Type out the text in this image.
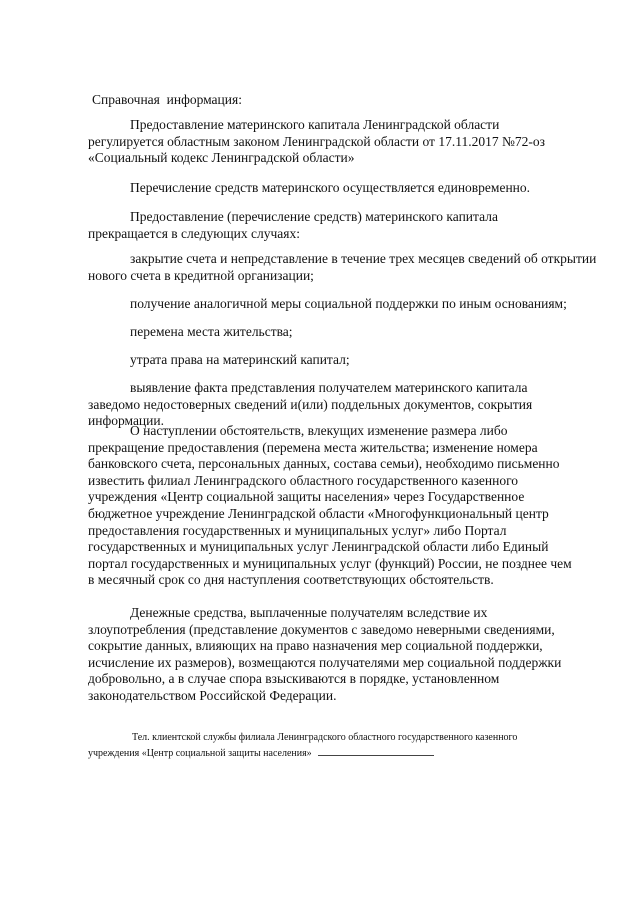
Справочная  информация:

Предоставление материнского капитала Ленинградской области регулируется областным законом Ленинградской области от 17.11.2017 №72-оз «Социальный кодекс Ленинградской области»

Перечисление средств материнского осуществляется единовременно.

Предоставление (перечисление средств) материнского капитала прекращается в следующих случаях:

закрытие счета и непредставление в течение трех месяцев сведений об открытии

нового счета в кредитной организации;

получение аналогичной меры социальной поддержки по иным основаниям;

перемена места жительства;

утрата права на материнский капитал;

выявление факта представления получателем материнского капитала заведомо недостоверных сведений и(или) поддельных документов, сокрытия информации.

О наступлении обстоятельств, влекущих изменение размера либо прекращение предоставления (перемена места жительства; изменение номера банковского счета, персональных данных, состава семьи), необходимо письменно известить филиал Ленинградского областного государственного казенного учреждения «Центр социальной защиты населения» через Государственное бюджетное учреждение Ленинградской области «Многофункциональный центр предоставления государственных и муниципальных услуг» либо Портал государственных и муниципальных услуг Ленинградской области либо Единый портал государственных и муниципальных услуг (функций) России, не позднее чем в месячный срок со дня наступления соответствующих обстоятельств.

Денежные средства, выплаченные получателям вследствие их злоупотребления (представление документов с заведомо неверными сведениями, сокрытие данных, влияющих на право назначения мер социальной поддержки, исчисление их размеров), возмещаются получателями мер социальной поддержки добровольно, а в случае спора взыскиваются в порядке, установленном законодательством Российской Федерации.

Тел. клиентской службы филиала Ленинградского областного государственного казенного учреждения «Центр социальной защиты населения»
